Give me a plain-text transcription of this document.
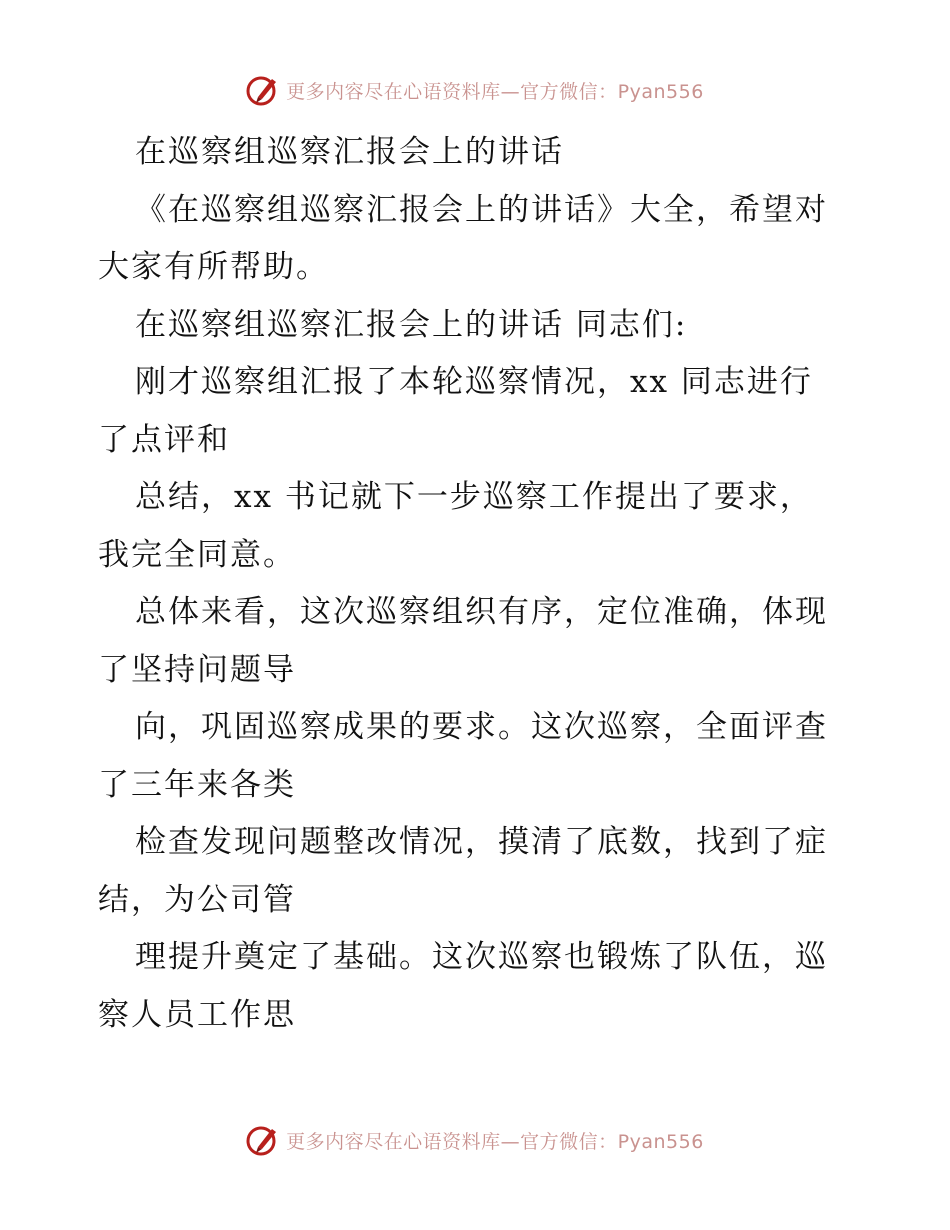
更多内容尽在心语资料库—官方微信：Pyan556

在巡察组巡察汇报会上的讲话

《在巡察组巡察汇报会上的讲话》大全，希望对

大家有所帮助。

在巡察组巡察汇报会上的讲话 同志们:

刚才巡察组汇报了本轮巡察情况，xx 同志进行

了点评和

总结，xx 书记就下一步巡察工作提出了要求，

我完全同意。

总体来看，这次巡察组织有序，定位准确，体现

了坚持问题导

向，巩固巡察成果的要求。这次巡察，全面评查

了三年来各类

检查发现问题整改情况，摸清了底数，找到了症

结，为公司管

理提升奠定了基础。这次巡察也锻炼了队伍，巡

察人员工作思

更多内容尽在心语资料库—官方微信：Pyan556
